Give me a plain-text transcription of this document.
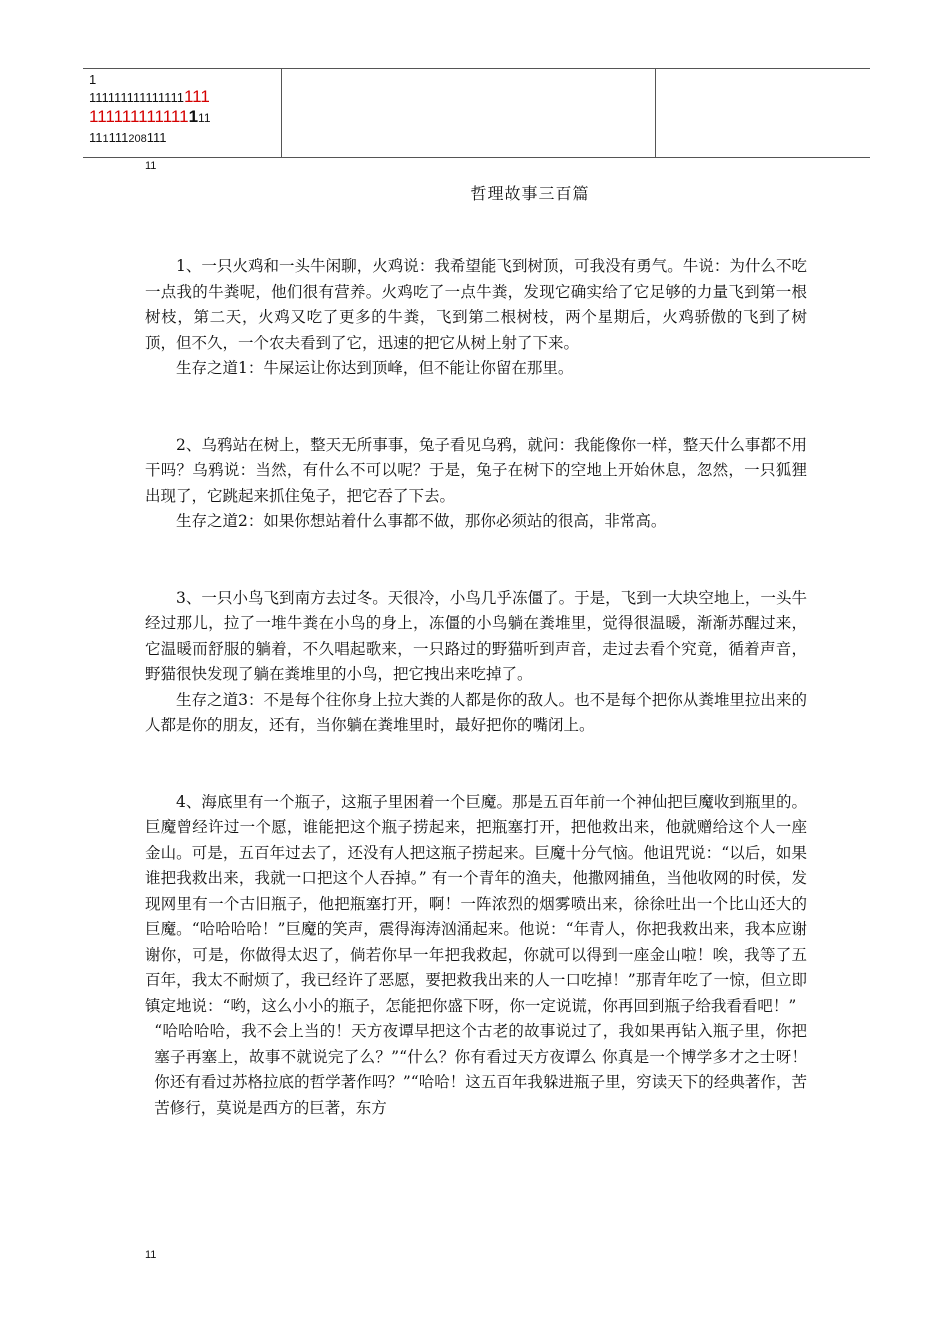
1
111111111111111111
111111111111111
111111208111
11
哲理故事三百篇

1、一只火鸡和一头牛闲聊，火鸡说：我希望能飞到树顶，可我没有勇气。牛说：为什么不吃一点我的牛粪呢，他们很有营养。火鸡吃了一点牛粪，发现它确实给了它足够的力量飞到第一根树枝，第二天，火鸡又吃了更多的牛粪，飞到第二根树枝，两个星期后，火鸡骄傲的飞到了树顶，但不久，一个农夫看到了它，迅速的把它从树上射了下来。

生存之道1：牛屎运让你达到顶峰，但不能让你留在那里。

2、乌鸦站在树上，整天无所事事，兔子看见乌鸦，就问：我能像你一样，整天什么事都不用干吗？乌鸦说：当然，有什么不可以呢？于是，兔子在树下的空地上开始休息，忽然，一只狐狸出现了，它跳起来抓住兔子，把它吞了下去。

生存之道2：如果你想站着什么事都不做，那你必须站的很高，非常高。

3、一只小鸟飞到南方去过冬。天很冷，小鸟几乎冻僵了。于是，飞到一大块空地上，一头牛经过那儿，拉了一堆牛粪在小鸟的身上，冻僵的小鸟躺在粪堆里，觉得很温暖，渐渐苏醒过来，它温暖而舒服的躺着，不久唱起歌来，一只路过的野猫听到声音，走过去看个究竟，循着声音，野猫很快发现了躺在粪堆里的小鸟，把它拽出来吃掉了。

生存之道3：不是每个往你身上拉大粪的人都是你的敌人。也不是每个把你从粪堆里拉出来的人都是你的朋友，还有，当你躺在粪堆里时，最好把你的嘴闭上。

4、海底里有一个瓶子，这瓶子里困着一个巨魔。那是五百年前一个神仙把巨魔收到瓶里的。巨魔曾经许过一个愿，谁能把这个瓶子捞起来，把瓶塞打开，把他救出来，他就赠给这个人一座金山。可是，五百年过去了，还没有人把这瓶子捞起来。巨魔十分气恼。他诅咒说：“以后，如果谁把我救出来，我就一口把这个人吞掉。” 有一个青年的渔夫，他撒网捕鱼，当他收网的时侯，发现网里有一个古旧瓶子，他把瓶塞打开，啊！一阵浓烈的烟雾喷出来，徐徐吐出一个比山还大的巨魔。“哈哈哈哈！”巨魔的笑声，震得海涛汹涌起来。他说：“年青人，你把我救出来，我本应谢谢你，可是，你做得太迟了，倘若你早一年把我救起，你就可以得到一座金山啦！唉，我等了五百年，我太不耐烦了，我已经许了恶愿，要把救我出来的人一口吃掉！”那青年吃了一惊，但立即镇定地说：“哟，这么小小的瓶子，怎能把你盛下呀，你一定说谎，你再回到瓶子给我看看吧！”

“哈哈哈哈，我不会上当的！天方夜谭早把这个古老的故事说过了，我如果再钻入瓶子里，你把塞子再塞上，故事不就说完了么？”“什么？你有看过天方夜谭么 你真是一个博学多才之士呀！你还有看过苏格拉底的哲学著作吗？”“哈哈！这五百年我躲进瓶子里，穷读天下的经典著作，苦苦修行，莫说是西方的巨著，东方

11
